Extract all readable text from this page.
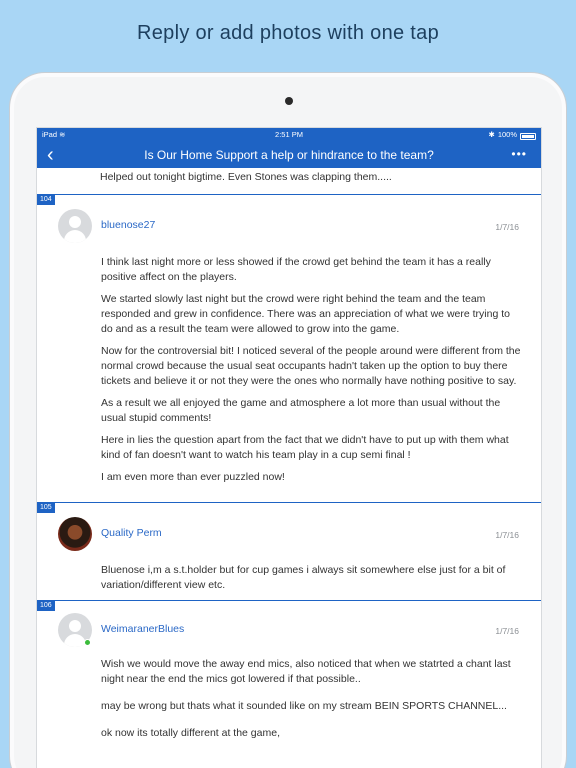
Reply or add photos with one tap
iPad ≋	2:51 PM	✱ 100%
‹	Is Our Home Support a help or hindrance to the team?	•••
Helped out tonight bigtime. Even Stones was clapping them.....
104
bluenose27	1/7/16

I think last night more or less showed if the crowd get behind the team it has a really positive affect on the players.

We started slowly last night but the crowd were right behind the team and the team responded and grew in confidence. There was an appreciation of what we were trying to do and as a result the team were allowed to grow into the game.

Now for the controversial bit! I noticed several of the people around were different from the normal crowd because the usual seat occupants hadn't taken up the option to buy there tickets and believe it or not they were the ones who normally have nothing positive to say.

As a result we all enjoyed the game and atmosphere a lot more than usual without the usual stupid comments!

Here in lies the question apart from the fact that we didn't have to put up with them what kind of fan doesn't want to watch his team play in a cup semi final !

I am even more than ever puzzled now!

105
Quality Perm	1/7/16

Bluenose i,m a s.t.holder but for cup games i always sit somewhere else just for a bit of variation/different view etc.

106
WeimaranerBlues	1/7/16

Wish we would move the away end mics, also noticed that when we statrted a chant last night near the end the mics got lowered if that possible..

may be wrong but thats what it sounded like on my stream BEIN SPORTS CHANNEL...

ok now its totally different at the game,
